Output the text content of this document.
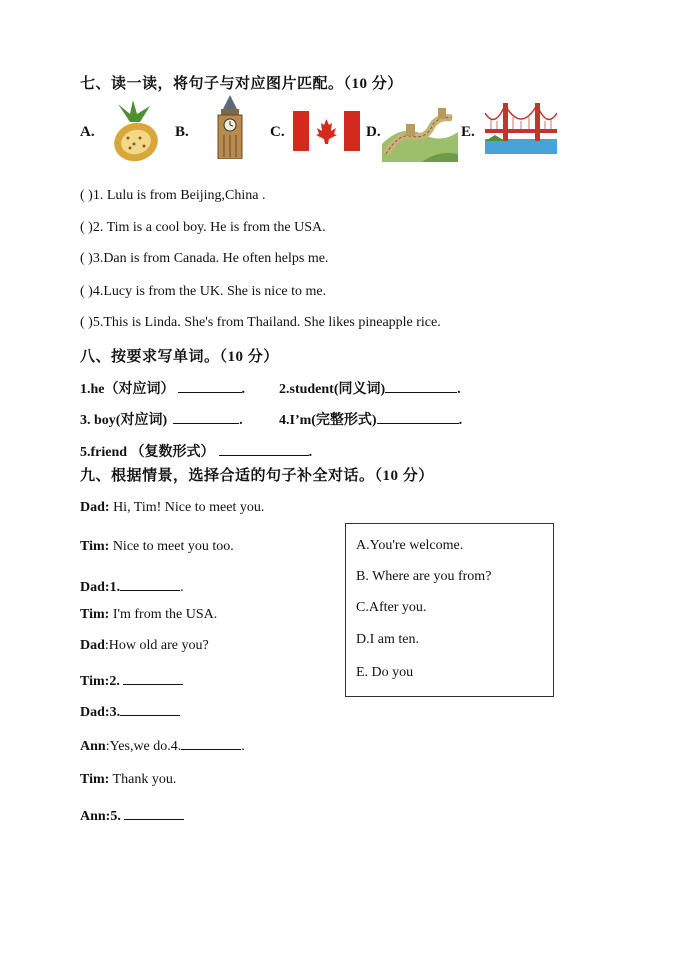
七、读一读，将句子与对应图片匹配。（10 分）
A.	B.	C.	D.	E.
( )1. Lulu is from Beijing,China .
( )2. Tim is a cool boy. He is from the USA.
( )3.Dan is from Canada. He often helps me.
( )4.Lucy is from the UK. She is nice to me.
( )5.This is Linda. She's from Thailand. She likes pineapple rice.
八、按要求写单词。（10 分）
1.he（对应词）	. 2.student(同义词)	.
3. boy(对应词)	.	4.I’m(完整形式)	.
5.friend （复数形式）	.
九、根据情景，选择合适的句子补全对话。（10 分）
Dad: Hi, Tim! Nice to meet you.
Tim: Nice to meet you too.
Dad:1.	.
Tim: I'm from the USA.
Dad:How old are you?
Tim:2.
Dad:3.
Ann:Yes,we do.4.	.
Tim: Thank you.
Ann:5.
A.You're welcome.
B. Where are you from?
C.After you.
D.I am ten.
E. Do you
